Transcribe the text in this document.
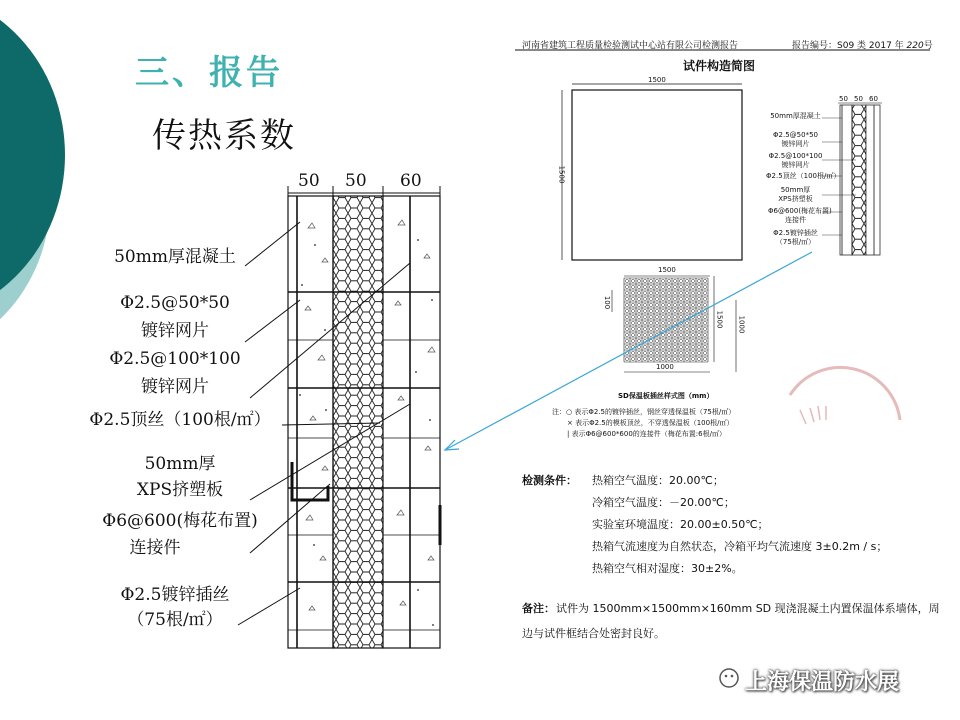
三、报告
传热系数
50 50 60
50mm厚混凝土
Φ2.5@50*50
镀锌网片
Φ2.5@100*100
镀锌网片
Φ2.5顶丝（100根/㎡）
50mm厚
XPS挤塑板
Φ6@600(梅花布置)
连接件
Φ2.5镀锌插丝
（75根/㎡）
河南省建筑工程质量检验测试中心站有限公司检测报告	报告编号：S09 类 2017 年 220号
试件构造简图
1500
1500
50 50 60
50mm厚混凝土
Φ2.5@50*50
镀锌网片
Φ2.5@100*100
镀锌网片
Φ2.5顶丝（100根/㎡）
50mm厚
XPS挤塑板
Φ6@600(梅花布置)
连接件
Φ2.5镀锌插丝
（75根/㎡）
1500
1500 1000
100
1000
SD保温板插丝样式图（mm）
注：○ 表示Φ2.5的镀锌插丝，钢丝穿透保温板（75根/㎡）
× 表示Φ2.5的模板顶丝，不穿透保温板（100根/㎡）
| 表示Φ6@600*600的连接件（梅花布置:6根/㎡）
检测条件： 热箱空气温度：20.00℃；
冷箱空气温度：－20.00℃；
实验室环境温度：20.00±0.50℃；
热箱气流速度为自然状态，冷箱平均气流速度 3±0.2m / s；
热箱空气相对湿度：30±2%。
备注： 试件为 1500mm×1500mm×160mm SD 现浇混凝土内置保温体系墙体，周
边与试件框结合处密封良好。
上海保温防水展
